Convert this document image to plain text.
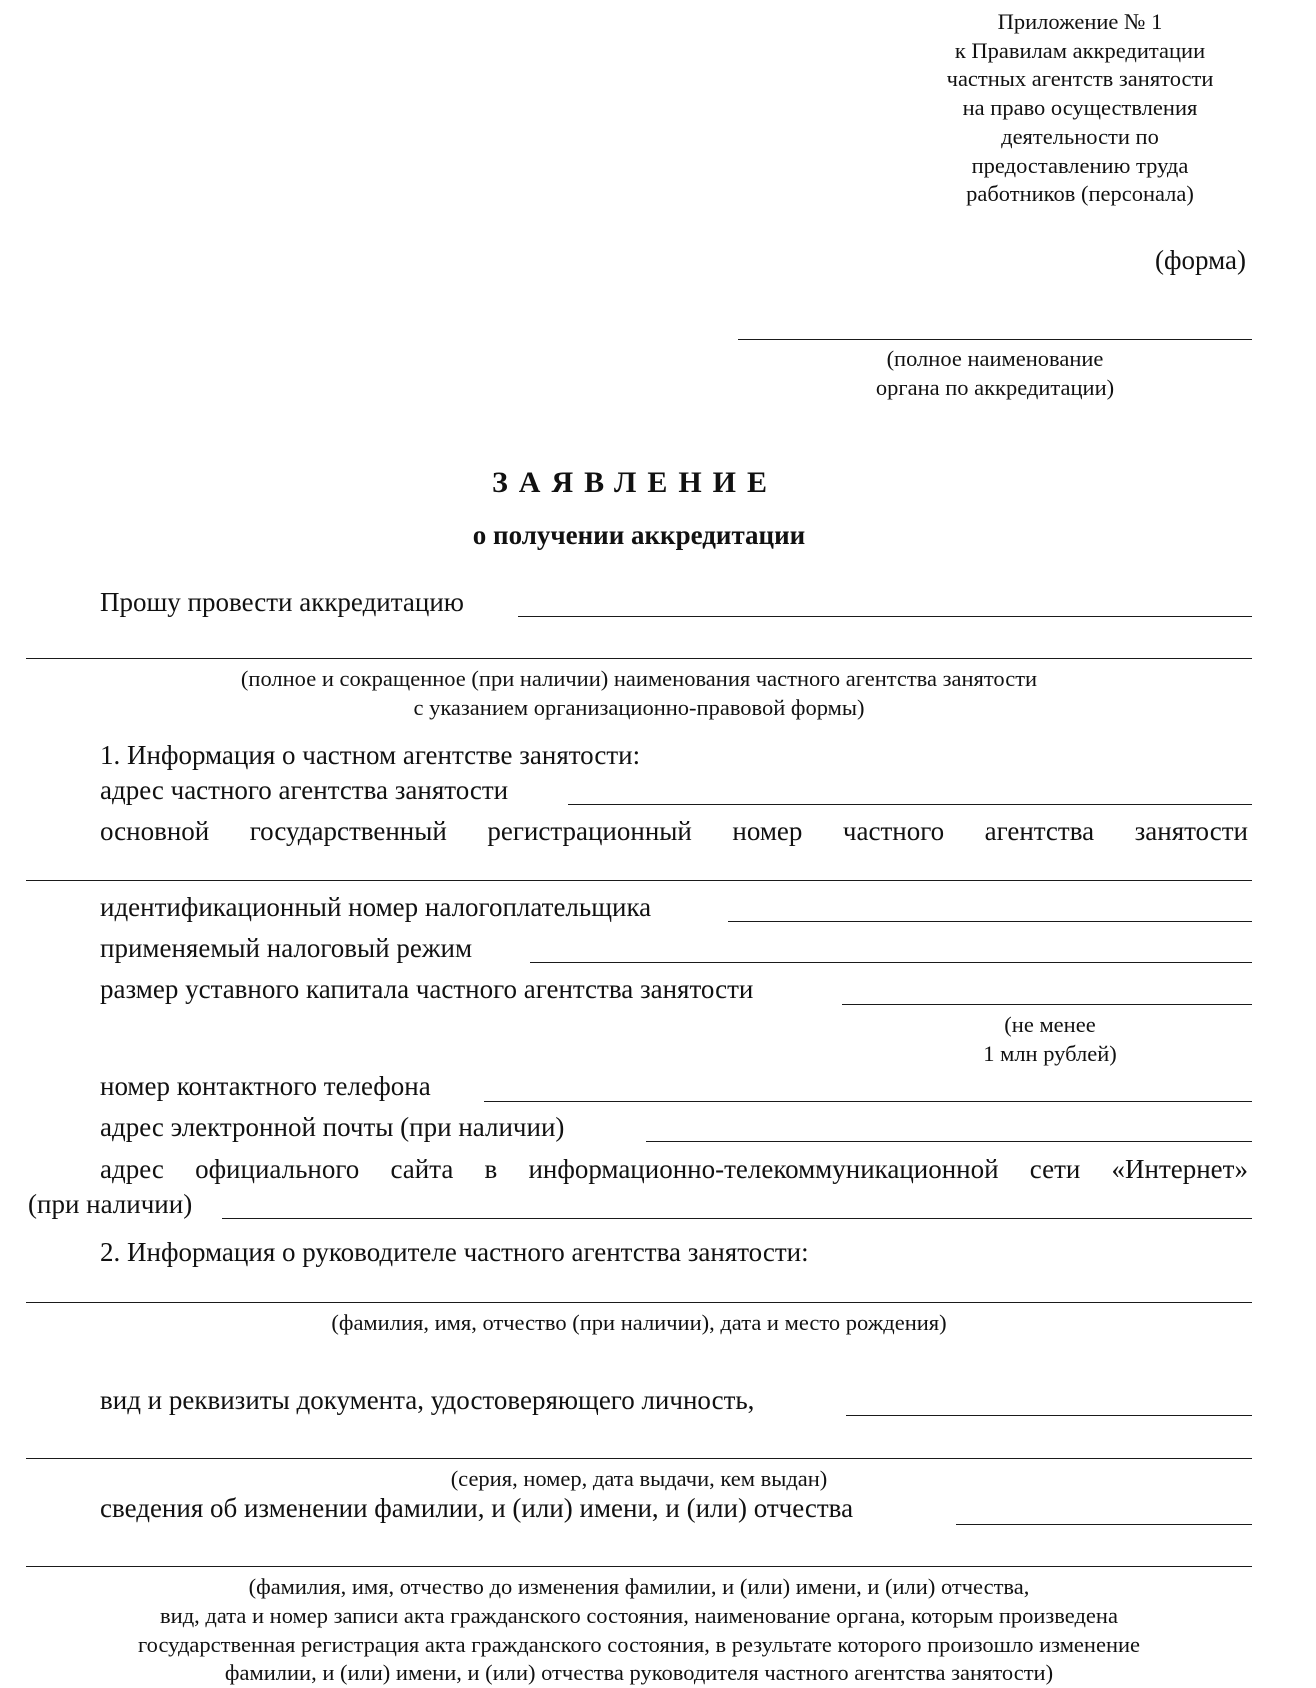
Приложение № 1
к Правилам аккредитации
частных агентств занятости
на право осуществления
деятельности по
предоставлению труда
работников (персонала)
(форма)
(полное наименование
органа по аккредитации)
ЗАЯВЛЕНИЕ
о получении аккредитации
Прошу провести аккредитацию
(полное и сокращенное (при наличии) наименования частного агентства занятости
с указанием организационно-правовой формы)
1. Информация о частном агентстве занятости:
адрес частного агентства занятости
основной государственный регистрационный номер частного агентства занятости
идентификационный номер налогоплательщика
применяемый налоговый режим
размер уставного капитала частного агентства занятости
(не менее
1 млн рублей)
номер контактного телефона
адрес электронной почты (при наличии)
адрес официального сайта в информационно-телекоммуникационной сети «Интернет»
(при наличии)
2. Информация о руководителе частного агентства занятости:
(фамилия, имя, отчество (при наличии), дата и место рождения)
вид и реквизиты документа, удостоверяющего личность,
(серия, номер, дата выдачи, кем выдан)
сведения об изменении фамилии, и (или) имени, и (или) отчества
(фамилия, имя, отчество до изменения фамилии, и (или) имени, и (или) отчества,
вид, дата и номер записи акта гражданского состояния, наименование органа, которым произведена
государственная регистрация акта гражданского состояния, в результате которого произошло изменение
фамилии, и (или) имени, и (или) отчества руководителя частного агентства занятости)
